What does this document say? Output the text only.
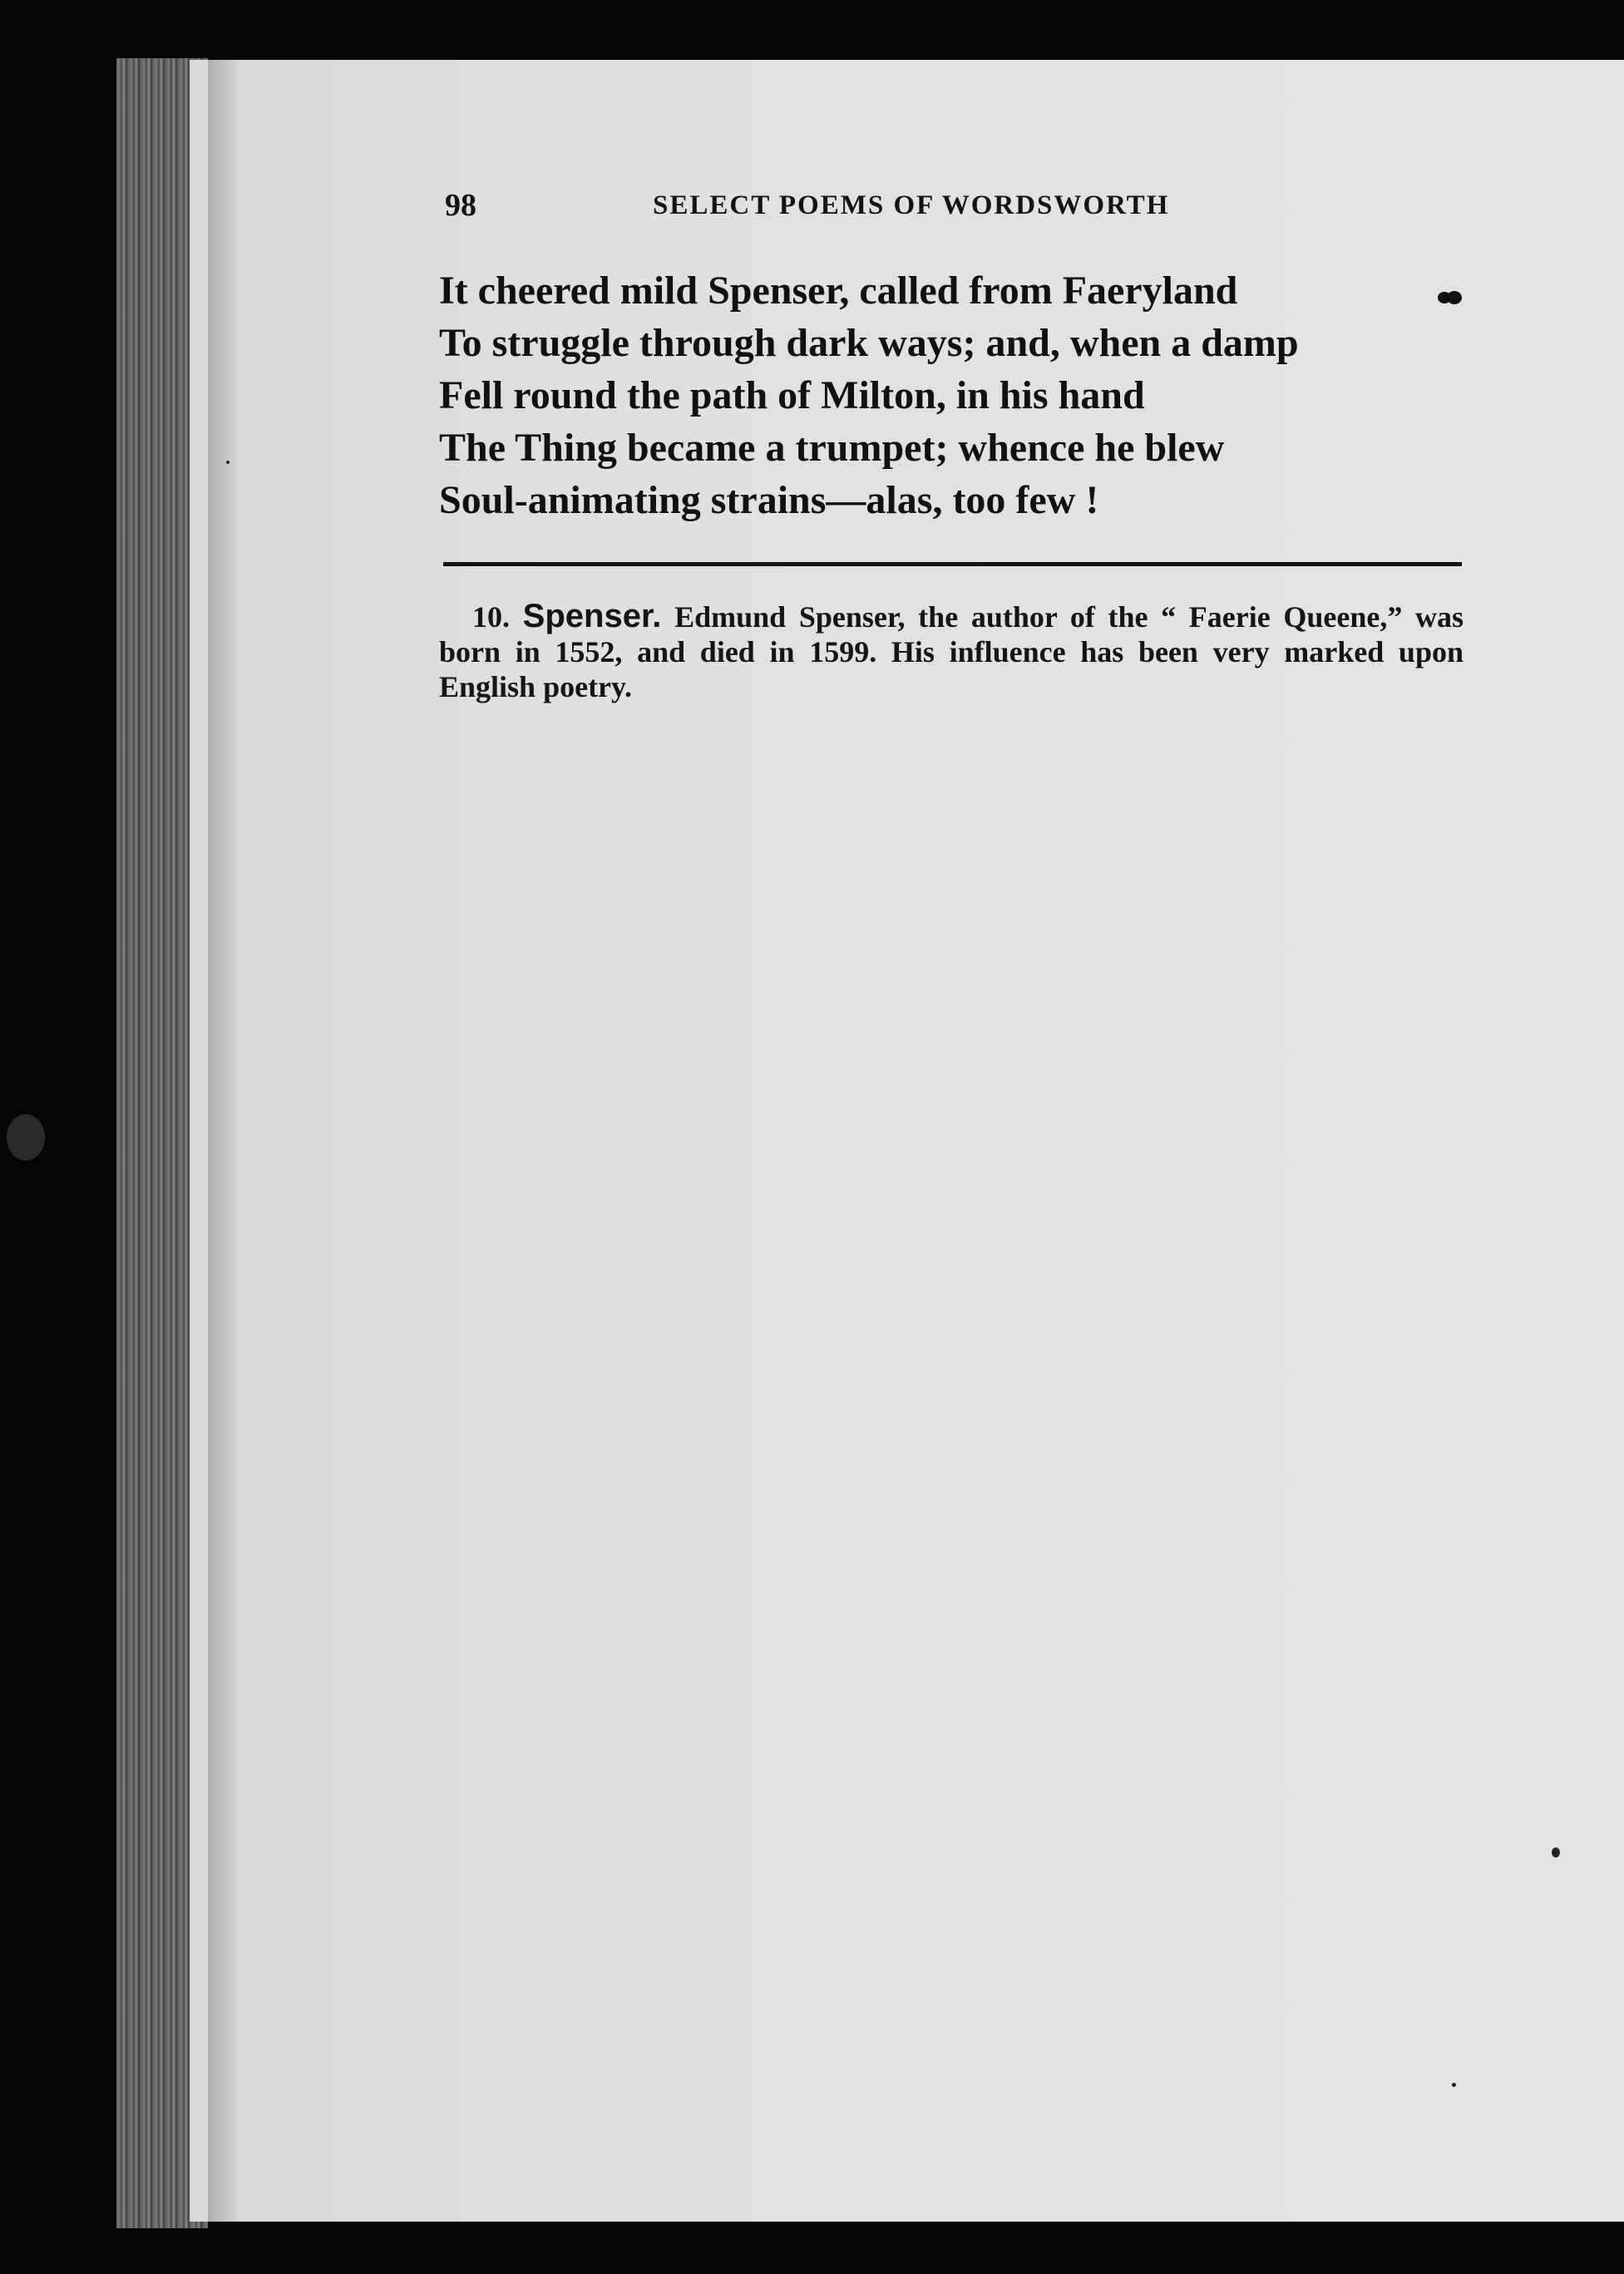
98	SELECT POEMS OF WORDSWORTH
It cheered mild Spenser, called from Faeryland
To struggle through dark ways; and, when a damp
Fell round the path of Milton, in his hand
The Thing became a trumpet; whence he blew
Soul-animating strains—alas, too few !
10. Spenser. Edmund Spenser, the author of the “ Faerie Queene,” was born in 1552, and died in 1599. His influence has been very marked upon English poetry.
